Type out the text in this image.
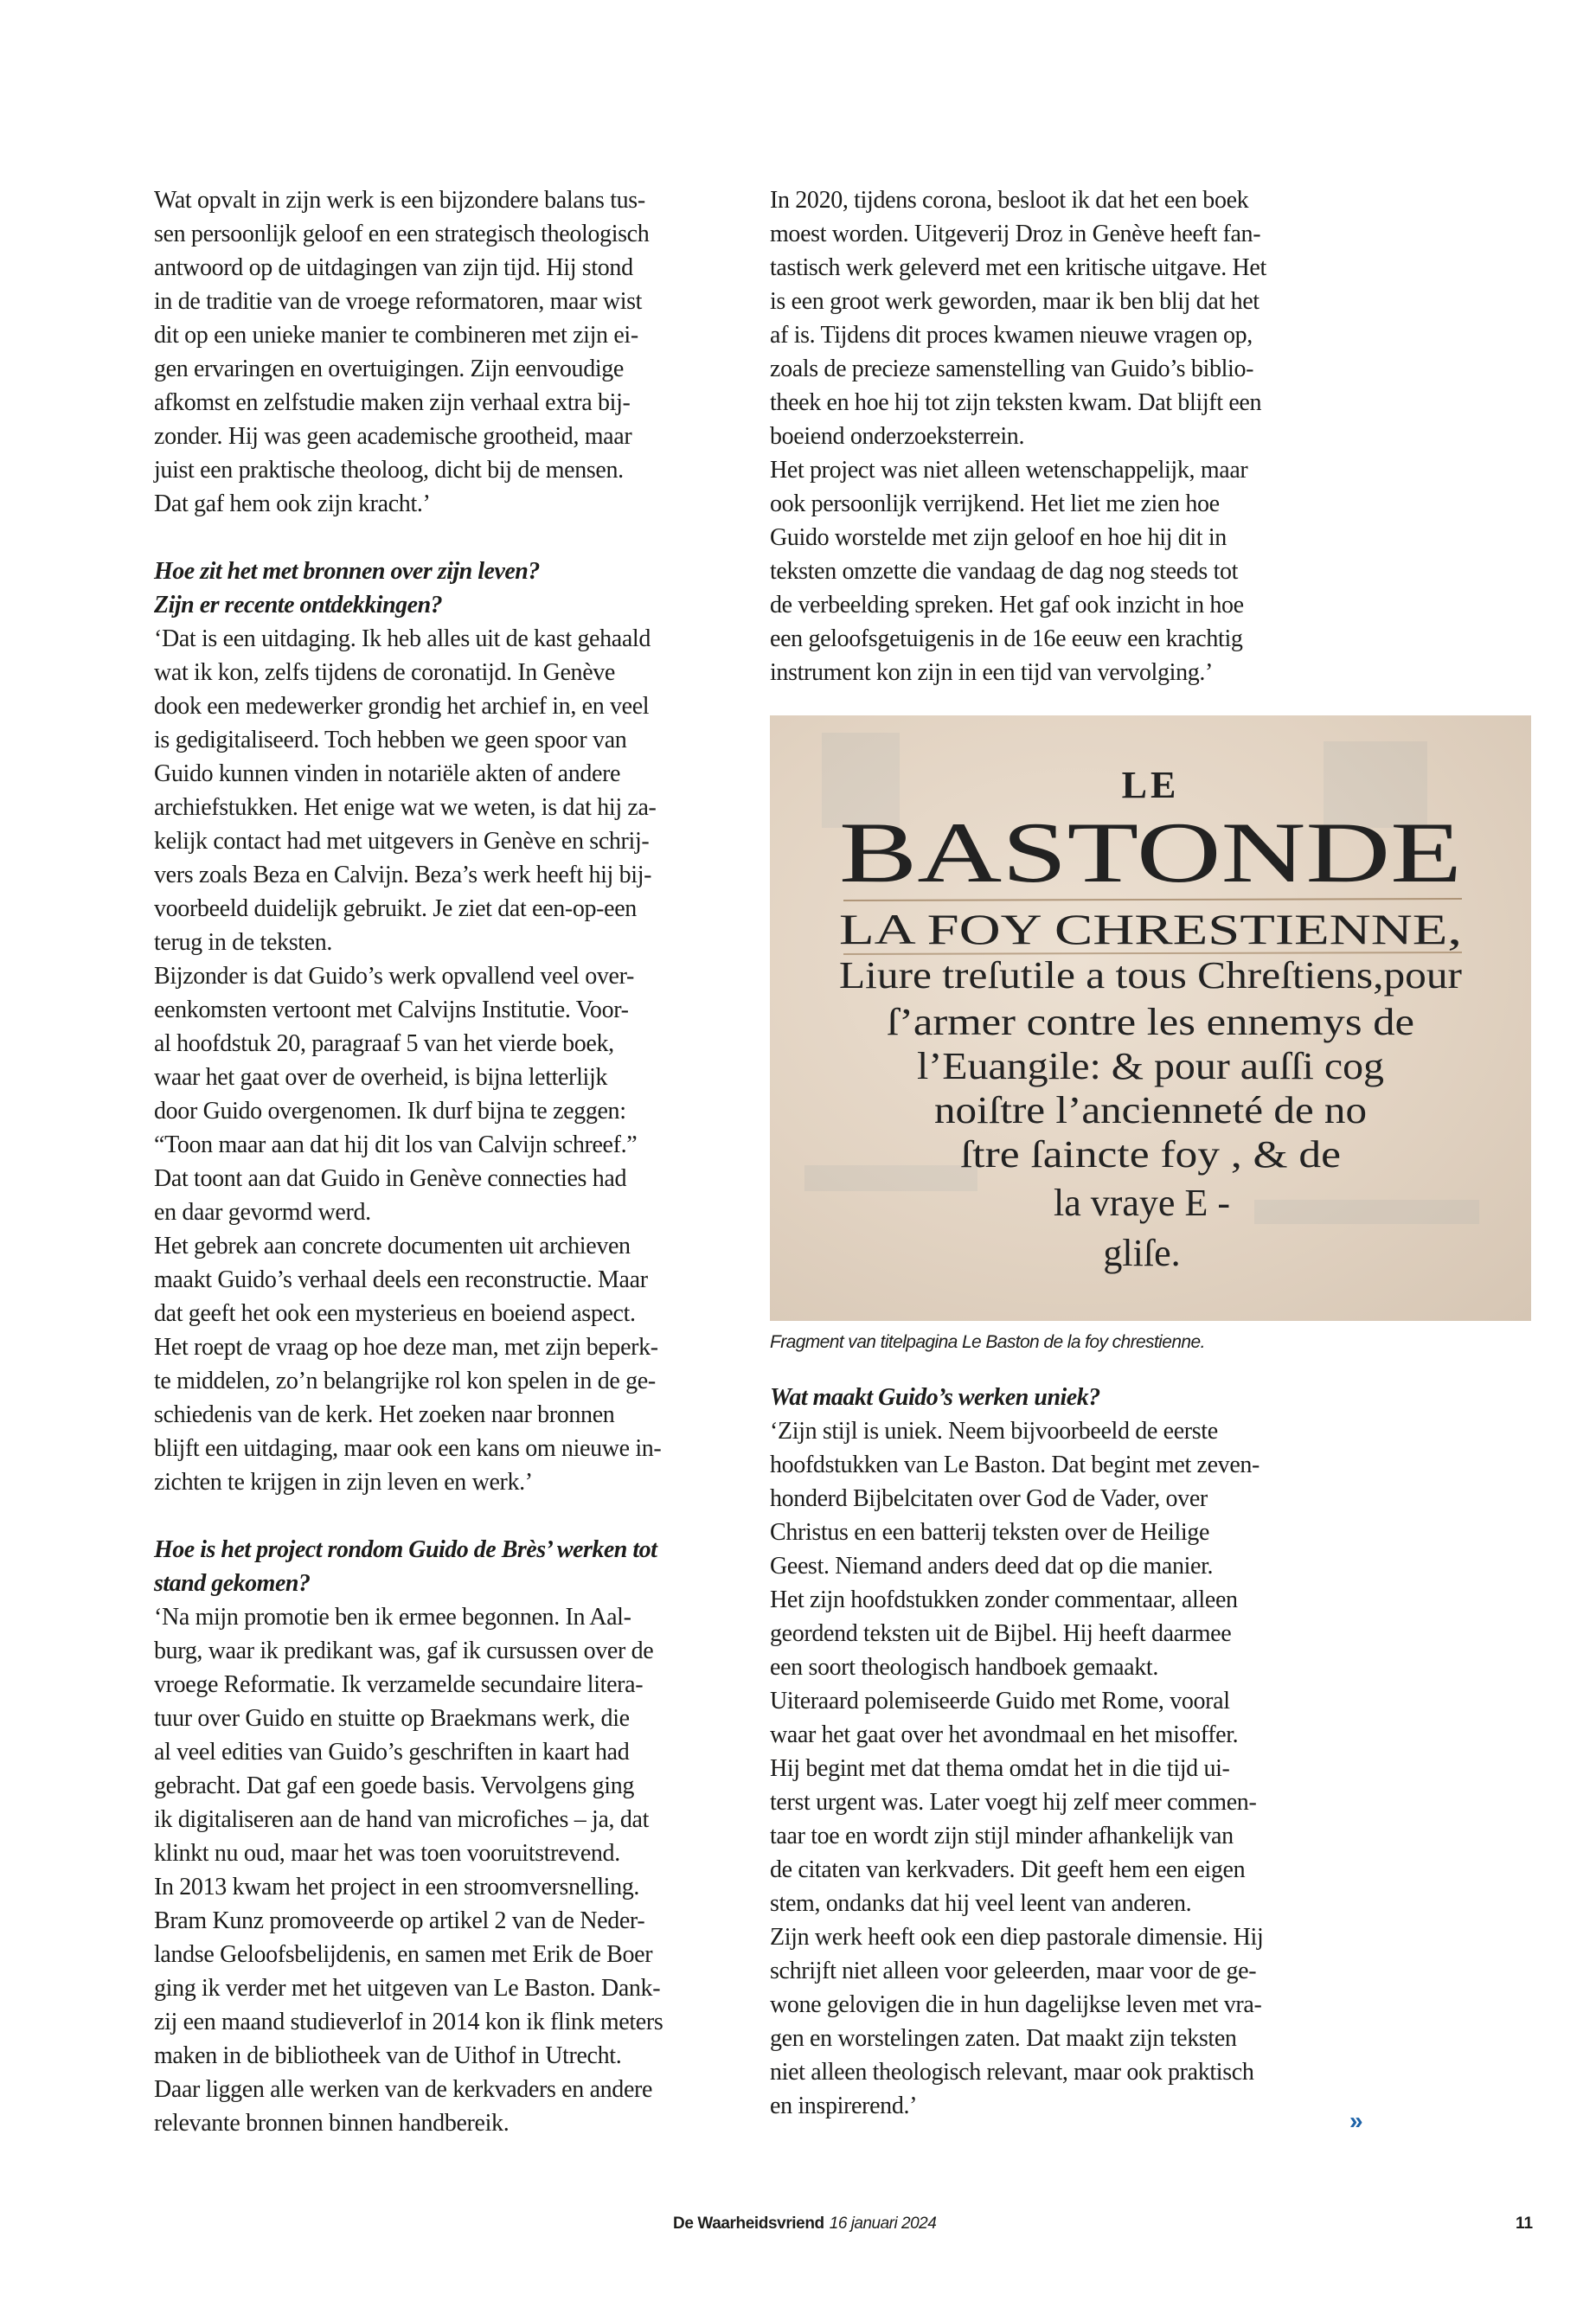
Wat opvalt in zijn werk is een bijzondere balans tus-
sen persoonlijk geloof en een strategisch theologisch
antwoord op de uitdagingen van zijn tijd. Hij stond
in de traditie van de vroege reformatoren, maar wist
dit op een unieke manier te combineren met zijn ei-
gen ervaringen en overtuigingen. Zijn eenvoudige
afkomst en zelfstudie maken zijn verhaal extra bij-
zonder. Hij was geen academische grootheid, maar
juist een praktische theoloog, dicht bij de mensen.
Dat gaf hem ook zijn kracht.’

Hoe zit het met bronnen over zijn leven?
Zijn er recente ontdekkingen?

‘Dat is een uitdaging. Ik heb alles uit de kast gehaald
wat ik kon, zelfs tijdens de coronatijd. In Genève
dook een medewerker grondig het archief in, en veel
is gedigitaliseerd. Toch hebben we geen spoor van
Guido kunnen vinden in notariële akten of andere
archiefstukken. Het enige wat we weten, is dat hij za-
kelijk contact had met uitgevers in Genève en schrij-
vers zoals Beza en Calvijn. Beza’s werk heeft hij bij-
voorbeeld duidelijk gebruikt. Je ziet dat een-op-een
terug in de teksten.

Bijzonder is dat Guido’s werk opvallend veel over-
eenkomsten vertoont met Calvijns Institutie. Voor-
al hoofdstuk 20, paragraaf 5 van het vierde boek,
waar het gaat over de overheid, is bijna letterlijk
door Guido overgenomen. Ik durf bijna te zeggen:
“Toon maar aan dat hij dit los van Calvijn schreef.”
Dat toont aan dat Guido in Genève connecties had
en daar gevormd werd.

Het gebrek aan concrete documenten uit archieven
maakt Guido’s verhaal deels een reconstructie. Maar
dat geeft het ook een mysterieus en boeiend aspect.
Het roept de vraag op hoe deze man, met zijn beperk-
te middelen, zo’n belangrijke rol kon spelen in de ge-
schiedenis van de kerk. Het zoeken naar bronnen
blijft een uitdaging, maar ook een kans om nieuwe in-
zichten te krijgen in zijn leven en werk.’

Hoe is het project rondom Guido de Brès’ werken tot
stand gekomen?

‘Na mijn promotie ben ik ermee begonnen. In Aal-
burg, waar ik predikant was, gaf ik cursussen over de
vroege Reformatie. Ik verzamelde secundaire litera-
tuur over Guido en stuitte op Braekmans werk, die
al veel edities van Guido’s geschriften in kaart had
gebracht. Dat gaf een goede basis. Vervolgens ging
ik digitaliseren aan de hand van microfiches – ja, dat
klinkt nu oud, maar het was toen vooruitstrevend.

In 2013 kwam het project in een stroomversnelling.
Bram Kunz promoveerde op artikel 2 van de Neder-
landse Geloofsbelijdenis, en samen met Erik de Boer
ging ik verder met het uitgeven van Le Baston. Dank-
zij een maand studieverlof in 2014 kon ik flink meters
maken in de bibliotheek van de Uithof in Utrecht.
Daar liggen alle werken van de kerkvaders en andere
relevante bronnen binnen handbereik.

In 2020, tijdens corona, besloot ik dat het een boek
moest worden. Uitgeverij Droz in Genève heeft fan-
tastisch werk geleverd met een kritische uitgave. Het
is een groot werk geworden, maar ik ben blij dat het
af is. Tijdens dit proces kwamen nieuwe vragen op,
zoals de precieze samenstelling van Guido’s biblio-
theek en hoe hij tot zijn teksten kwam. Dat blijft een
boeiend onderzoeksterrein.

Het project was niet alleen wetenschappelijk, maar
ook persoonlijk verrijkend. Het liet me zien hoe
Guido worstelde met zijn geloof en hoe hij dit in
teksten omzette die vandaag de dag nog steeds tot
de verbeelding spreken. Het gaf ook inzicht in hoe
een geloofsgetuigenis in de 16e eeuw een krachtig
instrument kon zijn in een tijd van vervolging.’

LE
BASTONDE
LA FOY CHRESTIENNE,
Liure treſutile a tous Chreſtiens,pour
ſ’armer contre les ennemys de
l’Euangile: & pour auſſi cog
noiſtre l’ancienneté de no
ſtre ſaincte foy , & de
la vraye E -
gliſe.
Fragment van titelpagina Le Baston de la foy chrestienne.

Wat maakt Guido’s werken uniek?

‘Zijn stijl is uniek. Neem bijvoorbeeld de eerste
hoofdstukken van Le Baston. Dat begint met zeven-
honderd Bijbelcitaten over God de Vader, over
Christus en een batterij teksten over de Heilige
Geest. Niemand anders deed dat op die manier.
Het zijn hoofdstukken zonder commentaar, alleen
geordend teksten uit de Bijbel. Hij heeft daarmee
een soort theologisch handboek gemaakt.

Uiteraard polemiseerde Guido met Rome, vooral
waar het gaat over het avondmaal en het misoffer.
Hij begint met dat thema omdat het in die tijd ui-
terst urgent was. Later voegt hij zelf meer commen-
taar toe en wordt zijn stijl minder afhankelijk van
de citaten van kerkvaders. Dit geeft hem een eigen
stem, ondanks dat hij veel leent van anderen.

Zijn werk heeft ook een diep pastorale dimensie. Hij
schrijft niet alleen voor geleerden, maar voor de ge-
wone gelovigen die in hun dagelijkse leven met vra-
gen en worstelingen zaten. Dat maakt zijn teksten
niet alleen theologisch relevant, maar ook praktisch
en inspirerend.’

»
De Waarheidsvriend 16 januari 2024	11
